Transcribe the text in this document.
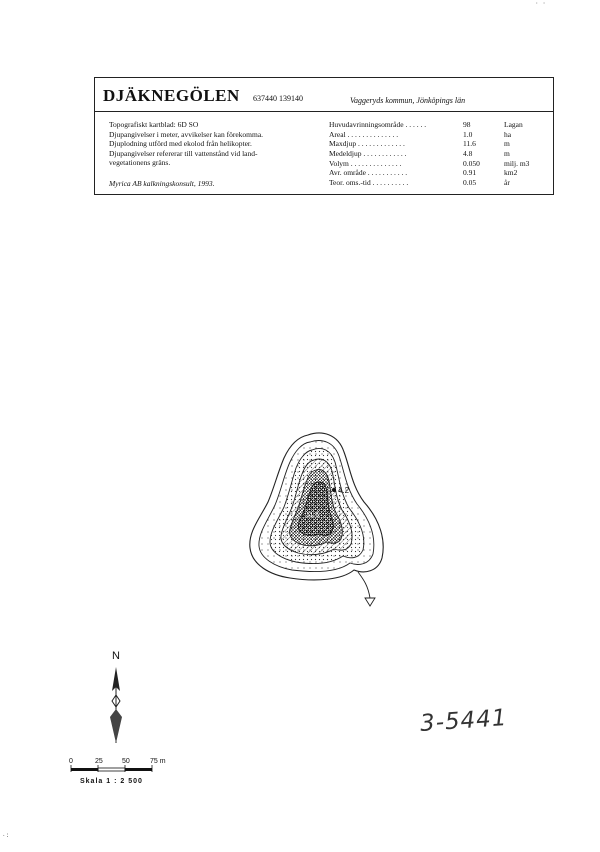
· ·
DJÄKNEGÖLEN 637440 139140	Vaggeryds kommun, Jönköpings län
Topografiskt kartblad: 6D SO
Djupangivelser i meter, avvikelser kan förekomma.
Djuplodning utförd med ekolod från helikopter.
Djupangivelser refererar till vattenstånd vid land-
vegetationens gräns.
Myrica AB kalkningskonsult, 1993.
Huvudavrinningsområde . . . . . .	98	Lagan
Areal . . . . . . . . . . . . . .	1.0	ha
Maxdjup . . . . . . . . . . . . .	11.6	m
Medeldjup . . . . . . . . . . . .	4.8	m
Volym . . . . . . . . . . . . . .	0.050	milj. m3
Avr. område . . . . . . . . . . .	0.91	km2
Teor. oms.-tid . . . . . . . . . .	0.05	år
4.2
11.6
N
0	25	50	75 m
Skala 1 : 2 500
3-5441
∙:
